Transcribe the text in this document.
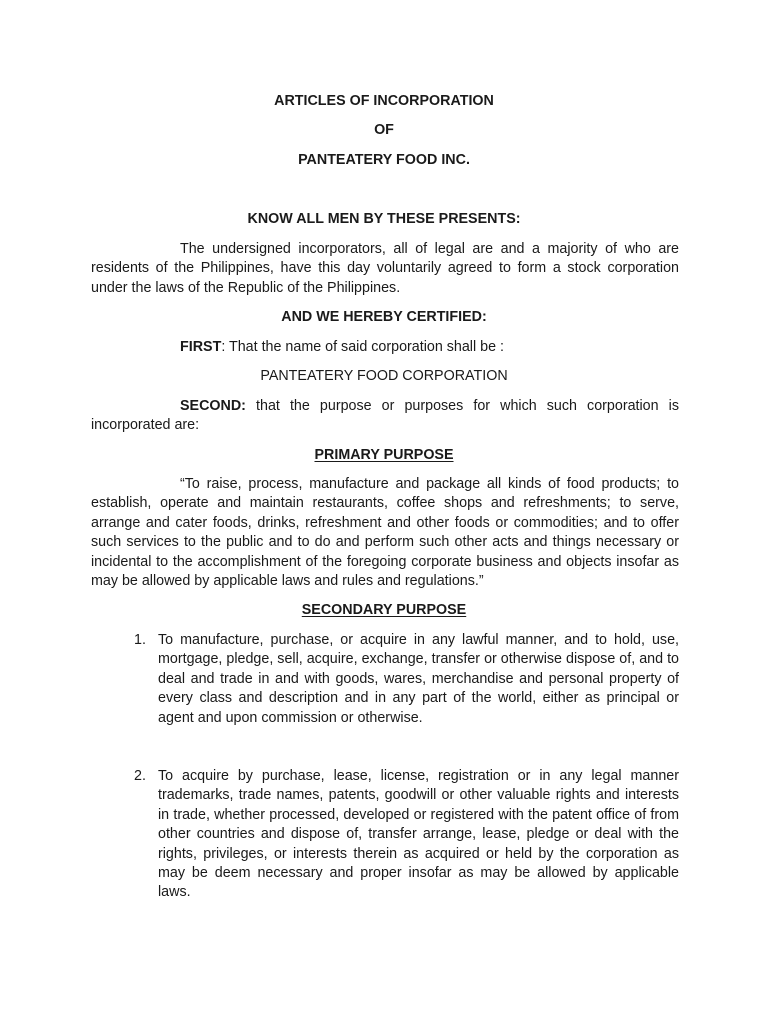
ARTICLES OF INCORPORATION
OF
PANTEATERY FOOD INC.
KNOW ALL MEN BY THESE PRESENTS:
The undersigned incorporators, all of legal are and a majority of who are residents of the Philippines, have this day voluntarily agreed to form a stock corporation under the laws of the Republic of the Philippines.
AND WE HEREBY CERTIFIED:
FIRST: That the name of said corporation shall be :
PANTEATERY FOOD CORPORATION
SECOND: that the purpose or purposes for which such corporation is incorporated are:
PRIMARY PURPOSE
“To raise, process, manufacture and package all kinds of food products; to establish, operate and maintain restaurants, coffee shops and refreshments; to serve, arrange and cater foods, drinks, refreshment and other foods or commodities; and to offer such services to the public and to do and perform such other acts and things necessary or incidental to the accomplishment of the foregoing corporate business and objects insofar as may be allowed by applicable laws and rules and regulations.”
SECONDARY PURPOSE
1. To manufacture, purchase, or acquire in any lawful manner, and to hold, use, mortgage, pledge, sell, acquire, exchange, transfer or otherwise dispose of, and to deal and trade in and with goods, wares, merchandise and personal property of every class and description and in any part of the world, either as principal or agent and upon commission or otherwise.
2. To acquire by purchase, lease, license, registration or in any legal manner trademarks, trade names, patents, goodwill or other valuable rights and interests in trade, whether processed, developed or registered with the patent office of from other countries and dispose of, transfer arrange, lease, pledge or deal with the rights, privileges, or interests therein as acquired or held by the corporation as may be deem necessary and proper insofar as may be allowed by applicable laws.
